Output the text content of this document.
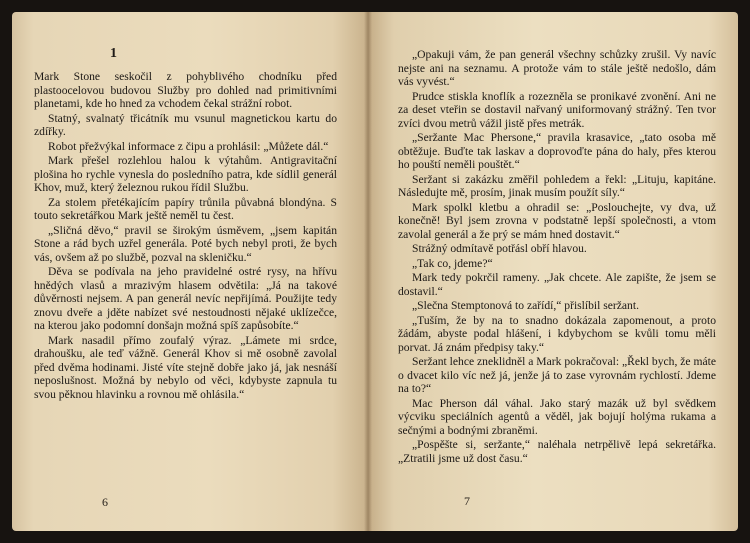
1

Mark Stone seskočil z pohyblivého chodníku před plastoocelovou budovou Služby pro dohled nad primitivními planetami, kde ho hned za vchodem čekal strážní robot.

Statný, svalnatý třicátník mu vsunul magnetickou kartu do zdířky.

Robot přežvýkal informace z čipu a prohlásil: „Můžete dál.“

Mark přešel rozlehlou halou k výtahům. Antigravitační plošina ho rychle vynesla do posledního patra, kde sídlil generál Khov, muž, který železnou rukou řídil Službu.

Za stolem přetékajícím papíry trůnila půvabná blondýna. S touto sekretářkou Mark ještě neměl tu čest.

„Sličná děvo,“ pravil se širokým úsměvem, „jsem kapitán Stone a rád bych uzřel generála. Poté bych nebyl proti, že bych vás, ovšem až po službě, pozval na skleničku.“

Děva se podívala na jeho pravidelné ostré rysy, na hřívu hnědých vlasů a mrazivým hlasem odvětila: „Já na takové důvěrnosti nejsem. A pan generál nevíc nepřijímá. Použijte tedy znovu dveře a jděte nabízet své nestoudnosti nějaké uklízečce, na kterou jako podomní donšajn možná spíš zapůsobíte.“

Mark nasadil přímo zoufalý výraz. „Lámete mi srdce, drahoušku, ale teď vážně. Generál Khov si mě osobně zavolal před dvěma hodinami. Jisté víte stejně dobře jako já, jak nesnáší neposlušnost. Možná by nebylo od věci, kdybyste zapnula tu svou pěknou hlavinku a rovnou mě ohlásila.“

6

„Opakuji vám, že pan generál všechny schůzky zrušil. Vy navíc nejste ani na seznamu. A protože vám to stále ještě nedošlo, dám vás vyvést.“

Prudce stiskla knoflík a rozezněla se pronikavé zvonění. Ani ne za deset vteřin se dostavil nařvaný uniformovaný strážný. Ten tvor zvíci dvou metrů vážil jistě přes metrák.

„Seržante Mac Phersone,“ pravila krasavice, „tato osoba mě obtěžuje. Buďte tak laskav a doprovoďte pána do haly, přes kterou ho pouští neměli pouštět.“

Seržant si zakázku změřil pohledem a řekl: „Lituju, kapitáne. Následujte mě, prosím, jinak musím použít síly.“

Mark spolkl kletbu a ohradil se: „Poslouchejte, vy dva, už konečně! Byl jsem zrovna v podstatně lepší společnosti, a vtom zavolal generál a že prý se mám hned dostavit.“

Strážný odmítavě potřásl obří hlavou.

„Tak co, jdeme?“

Mark tedy pokrčil rameny. „Jak chcete. Ale zapište, že jsem se dostavil.“

„Slečna Stemptonová to zařídí,“ přislíbil seržant.

„Tuším, že by na to snadno dokázala zapomenout, a proto žádám, abyste podal hlášení, i kdybychom se kvůli tomu měli porvat. Já znám předpisy taky.“

Seržant lehce zneklidněl a Mark pokračoval: „Řekl bych, že máte o dvacet kilo víc než já, jenže já to zase vyrovnám rychlostí. Jdeme na to?“

Mac Pherson dál váhal. Jako starý mazák už byl svědkem výcviku speciálních agentů a věděl, jak bojují holýma rukama a sečnými a bodnými zbraněmi.

„Pospěšte si, seržante,“ naléhala netrpělivě lepá sekretářka. „Ztratili jsme už dost času.“

7
